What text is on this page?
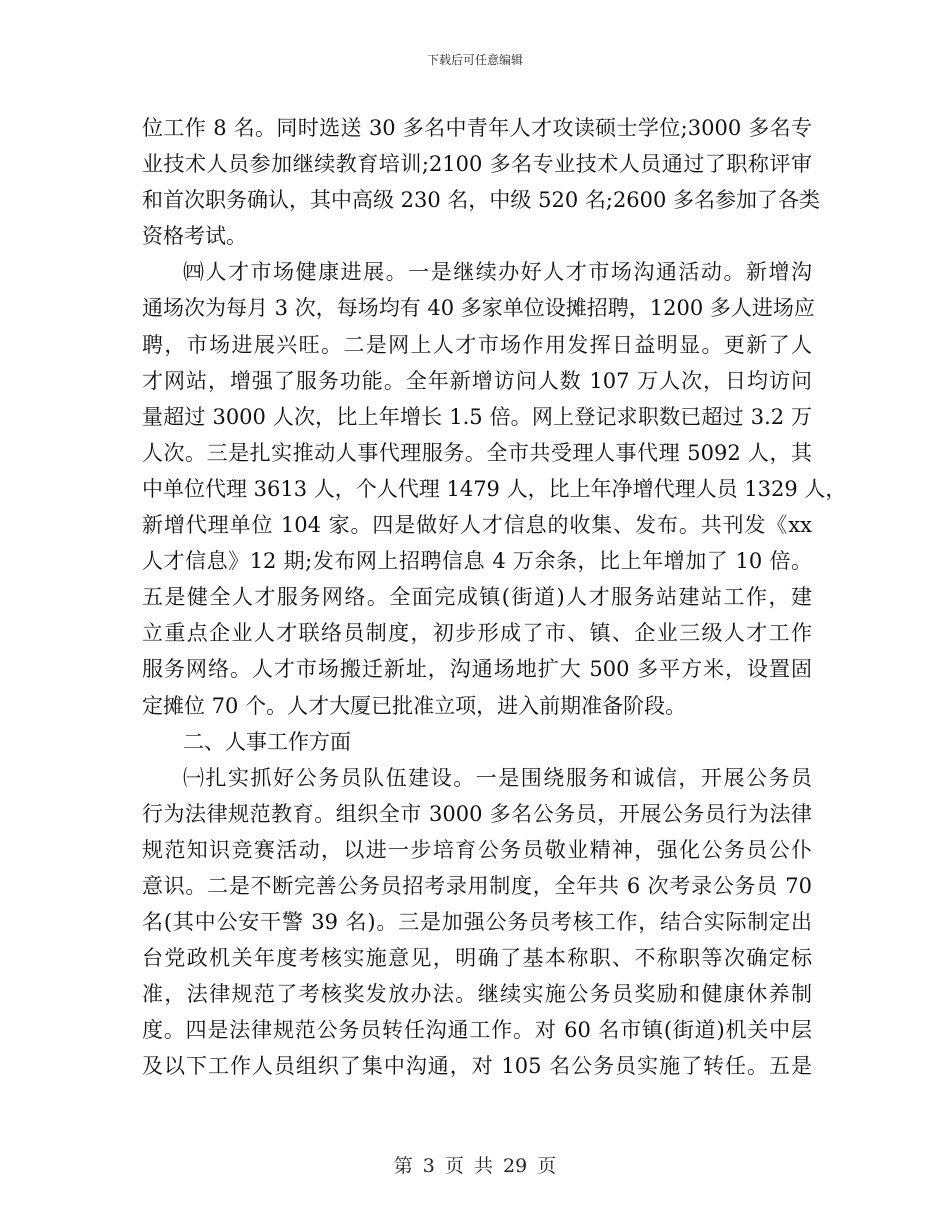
下载后可任意编辑
位工作 8 名。同时选送 30 多名中青年人才攻读硕士学位;3000 多名专
业技术人员参加继续教育培训;2100 多名专业技术人员通过了职称评审
和首次职务确认，其中高级 230 名，中级 520 名;2600 多名参加了各类
资格考试。
㈣人才市场健康进展。一是继续办好人才市场沟通活动。新增沟
通场次为每月 3 次，每场均有 40 多家单位设摊招聘，1200 多人进场应
聘，市场进展兴旺。二是网上人才市场作用发挥日益明显。更新了人
才网站，增强了服务功能。全年新增访问人数 107 万人次，日均访问
量超过 3000 人次，比上年增长 1.5 倍。网上登记求职数已超过 3.2 万
人次。三是扎实推动人事代理服务。全市共受理人事代理 5092 人，其
中单位代理 3613 人，个人代理 1479 人，比上年净增代理人员 1329 人，
新增代理单位 104 家。四是做好人才信息的收集、发布。共刊发《xx
人才信息》12 期;发布网上招聘信息 4 万余条，比上年增加了 10 倍。
五是健全人才服务网络。全面完成镇(街道)人才服务站建站工作，建
立重点企业人才联络员制度，初步形成了市、镇、企业三级人才工作
服务网络。人才市场搬迁新址，沟通场地扩大 500 多平方米，设置固
定摊位 70 个。人才大厦已批准立项，进入前期准备阶段。
二、人事工作方面
㈠扎实抓好公务员队伍建设。一是围绕服务和诚信，开展公务员
行为法律规范教育。组织全市 3000 多名公务员，开展公务员行为法律
规范知识竞赛活动，以进一步培育公务员敬业精神，强化公务员公仆
意识。二是不断完善公务员招考录用制度，全年共 6 次考录公务员 70
名(其中公安干警 39 名)。三是加强公务员考核工作，结合实际制定出
台党政机关年度考核实施意见，明确了基本称职、不称职等次确定标
准，法律规范了考核奖发放办法。继续实施公务员奖励和健康休养制
度。四是法律规范公务员转任沟通工作。对 60 名市镇(街道)机关中层
及以下工作人员组织了集中沟通，对 105 名公务员实施了转任。五是
第 3 页 共 29 页
